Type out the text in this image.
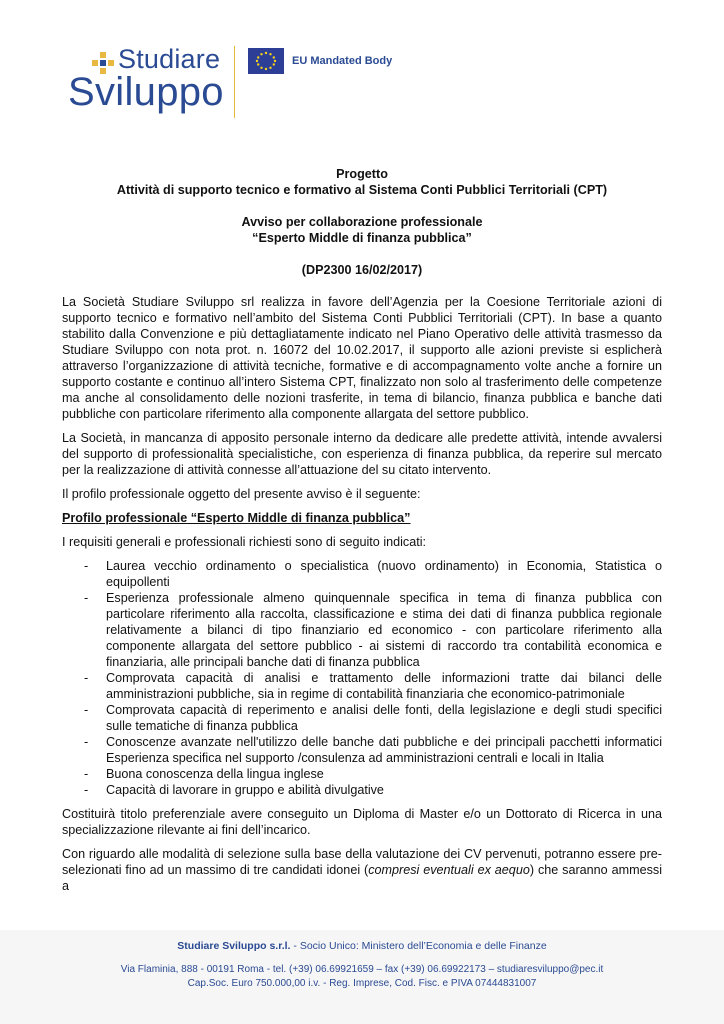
Studiare
Sviluppo
EU Mandated Body

Progetto

Attività di supporto tecnico e formativo al Sistema Conti Pubblici Territoriali (CPT)

Avviso per collaborazione professionale

“Esperto Middle di finanza pubblica”

(DP2300 16/02/2017)

La Società Studiare Sviluppo srl realizza in favore dell’Agenzia per la Coesione Territoriale azioni di supporto tecnico e formativo nell’ambito del Sistema Conti Pubblici Territoriali (CPT). In base a quanto stabilito dalla Convenzione e più dettagliatamente indicato nel Piano Operativo delle attività trasmesso da Studiare Sviluppo con nota prot. n. 16072 del 10.02.2017, il supporto alle azioni previste si esplicherà attraverso l’organizzazione di attività tecniche, formative e di accompagnamento volte anche a fornire un supporto costante e continuo all’intero Sistema CPT, finalizzato non solo al trasferimento delle competenze ma anche al consolidamento delle nozioni trasferite, in tema di bilancio, finanza pubblica e banche dati pubbliche con particolare riferimento alla componente allargata del settore pubblico.

La Società, in mancanza di apposito personale interno da dedicare alle predette attività, intende avvalersi del supporto di professionalità specialistiche, con esperienza di finanza pubblica, da reperire sul mercato per la realizzazione di attività connesse all’attuazione del su citato intervento.

Il profilo professionale oggetto del presente avviso è il seguente:

Profilo professionale “Esperto Middle di finanza pubblica”

I requisiti generali e professionali richiesti sono di seguito indicati:

- Laurea vecchio ordinamento o specialistica (nuovo ordinamento) in Economia, Statistica o equipollenti
- Esperienza professionale almeno quinquennale specifica in tema di finanza pubblica con particolare riferimento alla raccolta, classificazione e stima dei dati di finanza pubblica regionale relativamente a bilanci di tipo finanziario ed economico - con particolare riferimento alla componente allargata del settore pubblico - ai sistemi di raccordo tra contabilità economica e finanziaria, alle principali banche dati di finanza pubblica
- Comprovata capacità di analisi e trattamento delle informazioni tratte dai bilanci delle amministrazioni pubbliche, sia in regime di contabilità finanziaria che economico-patrimoniale
- Comprovata capacità di reperimento e analisi delle fonti, della legislazione e degli studi specifici sulle tematiche di finanza pubblica
- Conoscenze avanzate nell'utilizzo delle banche dati pubbliche e dei principali pacchetti informatici Esperienza specifica nel supporto /consulenza ad amministrazioni centrali e locali in Italia
- Buona conoscenza della lingua inglese
- Capacità di lavorare in gruppo e abilità divulgative

Costituirà titolo preferenziale avere conseguito un Diploma di Master e/o un Dottorato di Ricerca in una specializzazione rilevante ai fini dell’incarico.

Con riguardo alle modalità di selezione sulla base della valutazione dei CV pervenuti, potranno essere pre-selezionati fino ad un massimo di tre candidati idonei (compresi eventuali ex aequo) che saranno ammessi a

Studiare Sviluppo s.r.l. - Socio Unico: Ministero dell’Economia e delle Finanze
Via Flaminia, 888 - 00191 Roma - tel. (+39) 06.69921659 – fax (+39) 06.69922173 – studiaresviluppo@pec.it
Cap.Soc. Euro 750.000,00 i.v. - Reg. Imprese, Cod. Fisc. e PIVA 07444831007
